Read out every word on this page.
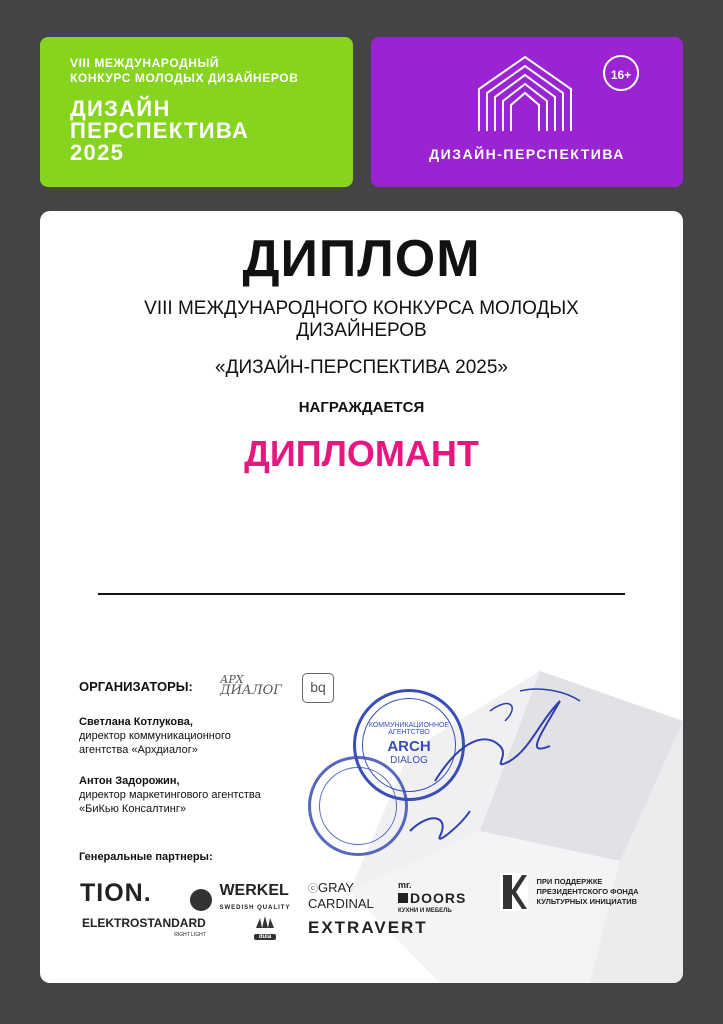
VIII МЕЖДУНАРОДНЫЙ
КОНКУРС МОЛОДЫХ ДИЗАЙНЕРОВ
ДИЗАЙН
ПЕРСПЕКТИВА
2025
16+
ДИЗАЙН-ПЕРСПЕКТИВА
ДИПЛОМ
VIII МЕЖДУНАРОДНОГО КОНКУРСА МОЛОДЫХ
ДИЗАЙНЕРОВ
«ДИЗАЙН-ПЕРСПЕКТИВА 2025»
НАГРАЖДАЕТСЯ
ДИПЛОМАНТ
ОРГАНИЗАТОРЫ: АРХ
ДИАЛОГ	bq
Светлана Котлукова,
директор коммуникационного
агентства «Архдиалог»
Антон Задорожин,
директор маркетингового агентства
«БиКью Консалтинг»
КОММУНИКАЦИОННОЕ
АГЕНТСТВО
ARCH
DIALOG
Генеральные партнеры:
TION.	WERKEL
SWEDISH QUALITY
ⓒGRAY
CARDINAL
mr.
DOORS
КУХНИ И МЕБЕЛЬ

ПРИ ПОДДЕРЖКЕ
ПРЕЗИДЕНТСКОГО ФОНДА
КУЛЬТУРНЫХ ИНИЦИАТИВ
ELEKTROSTANDARD
RIGHT LIGHT	dula EXTRAVERT
